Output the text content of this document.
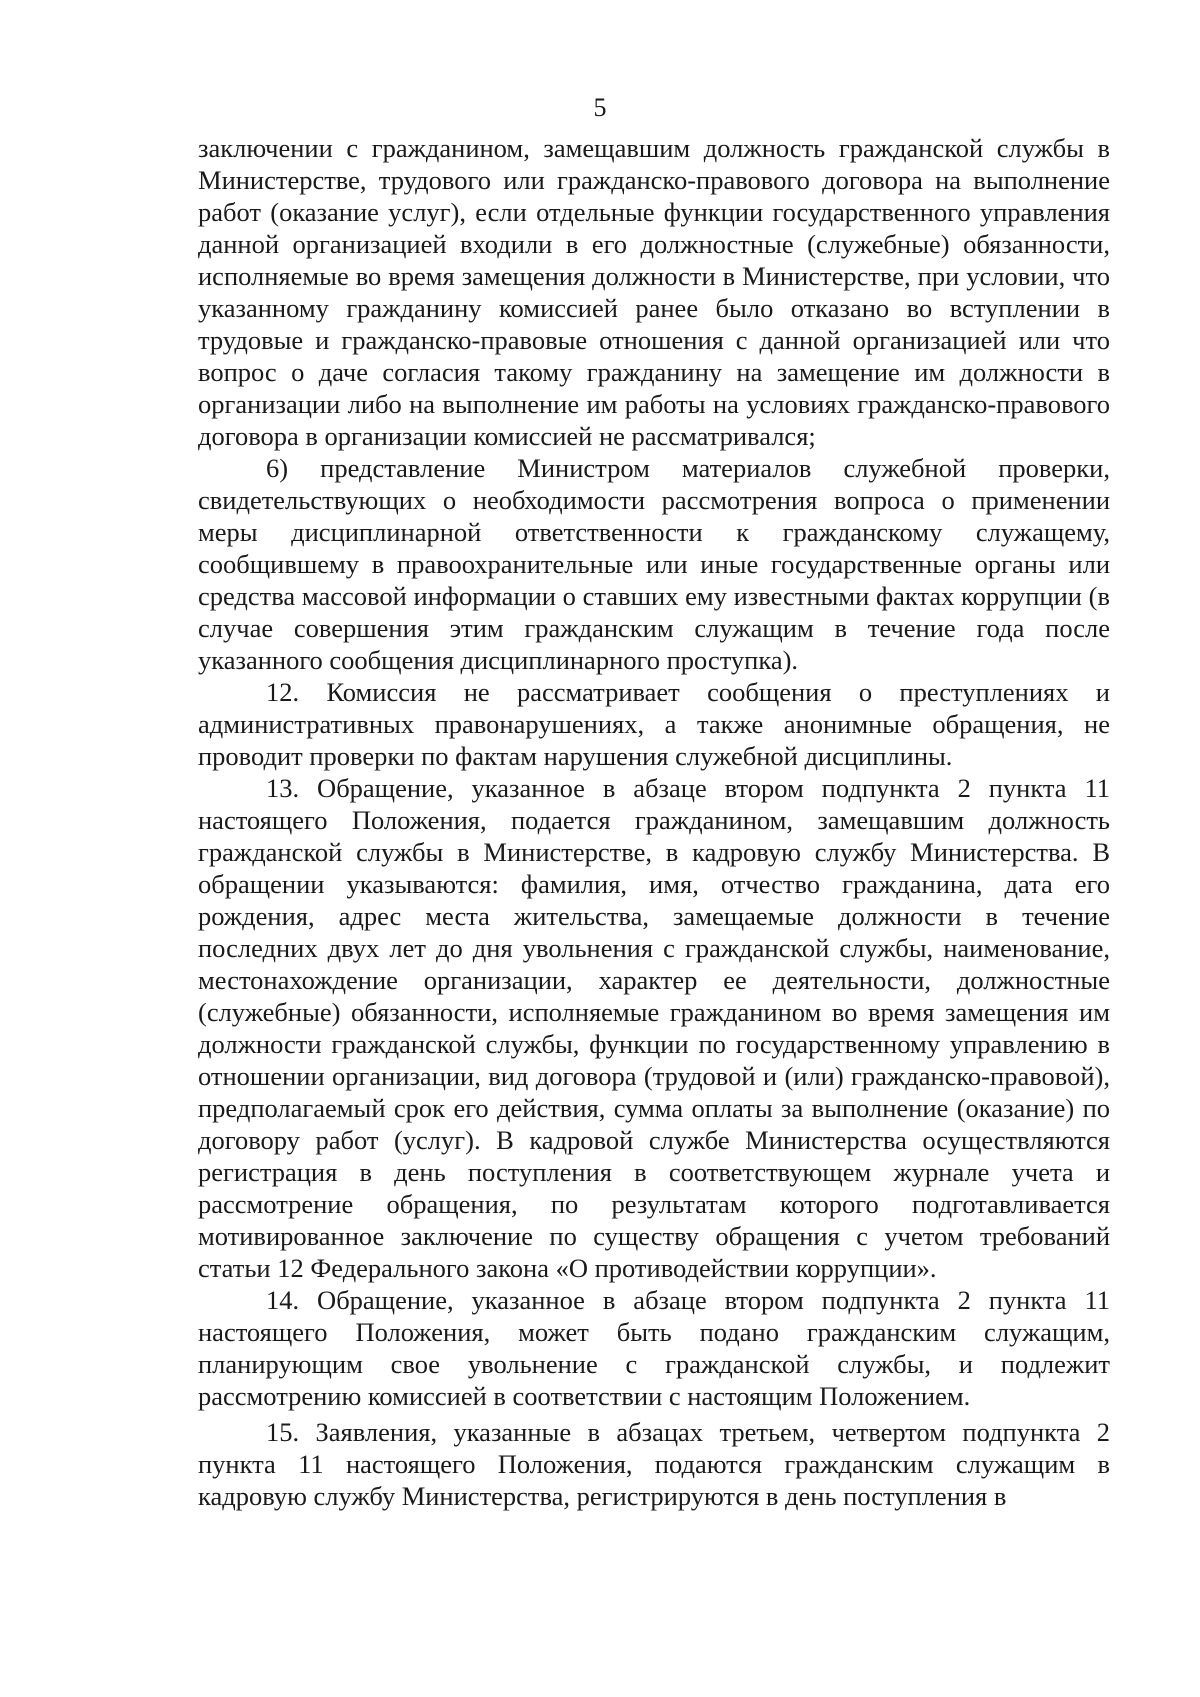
5

заключении с гражданином, замещавшим должность гражданской службы в Министерстве, трудового или гражданско-правового договора на выполнение работ (оказание услуг), если отдельные функции государственного управления данной организацией входили в его должностные (служебные) обязанности, исполняемые во время замещения должности в Министерстве, при условии, что указанному гражданину комиссией ранее было отказано во вступлении в трудовые и гражданско-правовые отношения с данной организацией или что вопрос о даче согласия такому гражданину на замещение им должности в организации либо на выполнение им работы на условиях гражданско-правового договора в организации комиссией не рассматривался;

6) представление Министром материалов служебной проверки, свидетельствующих о необходимости рассмотрения вопроса о применении меры дисциплинарной ответственности к гражданскому служащему, сообщившему в правоохранительные или иные государственные органы или средства массовой информации о ставших ему известными фактах коррупции (в случае совершения этим гражданским служащим в течение года после указанного сообщения дисциплинарного проступка).

12. Комиссия не рассматривает сообщения о преступлениях и административных правонарушениях, а также анонимные обращения, не проводит проверки по фактам нарушения служебной дисциплины.

13. Обращение, указанное в абзаце втором подпункта 2 пункта 11 настоящего Положения, подается гражданином, замещавшим должность гражданской службы в Министерстве, в кадровую службу Министерства. В обращении указываются: фамилия, имя, отчество гражданина, дата его рождения, адрес места жительства, замещаемые должности в течение последних двух лет до дня увольнения с гражданской службы, наименование, местонахождение организации, характер ее деятельности, должностные (служебные) обязанности, исполняемые гражданином во время замещения им должности гражданской службы, функции по государственному управлению в отношении организации, вид договора (трудовой и (или) гражданско-правовой), предполагаемый срок его действия, сумма оплаты за выполнение (оказание) по договору работ (услуг). В кадровой службе Министерства осуществляются регистрация в день поступления в соответствующем журнале учета и рассмотрение обращения, по результатам которого подготавливается мотивированное заключение по существу обращения с учетом требований статьи 12 Федерального закона «О противодействии коррупции».

14. Обращение, указанное в абзаце втором подпункта 2 пункта 11 настоящего Положения, может быть подано гражданским служащим, планирующим свое увольнение с гражданской службы, и подлежит рассмотрению комиссией в соответствии с настоящим Положением.

15. Заявления, указанные в абзацах третьем, четвертом подпункта 2 пункта 11 настоящего Положения, подаются гражданским служащим в кадровую службу Министерства, регистрируются в день поступления в
